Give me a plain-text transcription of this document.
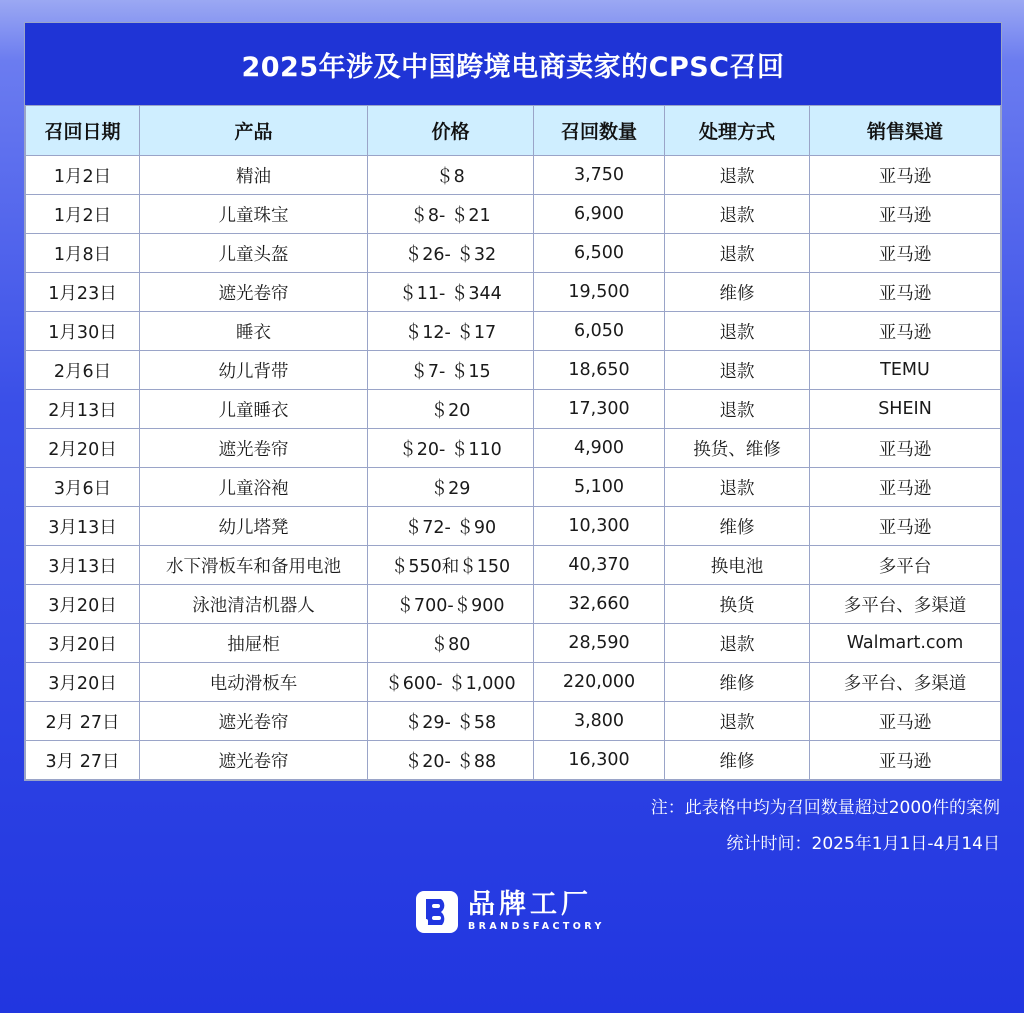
2025年涉及中国跨境电商卖家的CPSC召回
召回日期	产品	价格	召回数量	处理方式	销售渠道
1月2日	精油	＄8	3,750	退款	亚马逊
1月2日	儿童珠宝	＄8- ＄21	6,900	退款	亚马逊
1月8日	儿童头盔	＄26- ＄32	6,500	退款	亚马逊
1月23日	遮光卷帘	＄11- ＄344	19,500	维修	亚马逊
1月30日	睡衣	＄12- ＄17	6,050	退款	亚马逊
2月6日	幼儿背带	＄7- ＄15	18,650	退款	TEMU
2月13日	儿童睡衣	＄20	17,300	退款	SHEIN
2月20日	遮光卷帘	＄20- ＄110	4,900	换货、维修	亚马逊
3月6日	儿童浴袍	＄29	5,100	退款	亚马逊
3月13日	幼儿塔凳	＄72- ＄90	10,300	维修	亚马逊
3月13日	水下滑板车和备用电池	＄550和＄150	40,370	换电池	多平台
3月20日	泳池清洁机器人	＄700-＄900	32,660	换货	多平台、多渠道
3月20日	抽屉柜	＄80	28,590	退款	Walmart.com
3月20日	电动滑板车	＄600- ＄1,000	220,000	维修	多平台、多渠道
2月 27日	遮光卷帘	＄29- ＄58	3,800	退款	亚马逊
3月 27日	遮光卷帘	＄20- ＄88	16,300	维修	亚马逊
注：此表格中均为召回数量超过2000件的案例
统计时间：2025年1月1日-4月14日
品牌工厂
BRANDSFACTORY
